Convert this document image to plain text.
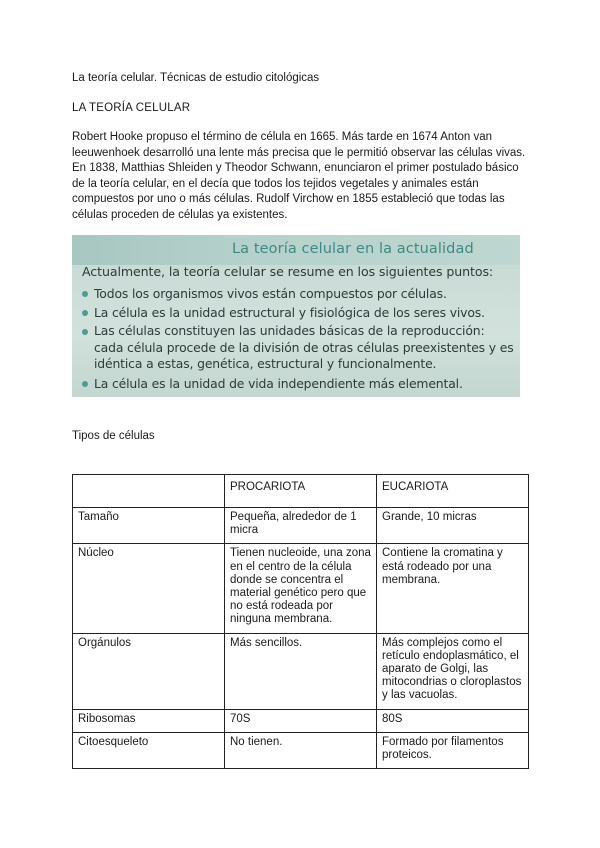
La teoría celular. Técnicas de estudio citológicas
LA TEORÍA CELULAR

Robert Hooke propuso el término de célula en 1665. Más tarde en 1674 Anton van leeuwenhoek desarrolló una lente más precisa que le permitió observar las células vivas. En 1838, Matthias Shleiden y Theodor Schwann, enunciaron el primer postulado básico de la teoría celular, en el decía que todos los tejidos vegetales y animales están compuestos por uno o más células. Rudolf Virchow en 1855 estableció que todas las células proceden de células ya existentes.

La teoría celular en la actualidad
Actualmente, la teoría celular se resume en los siguientes puntos:
Todos los organismos vivos están compuestos por células.
La célula es la unidad estructural y fisiológica de los seres vivos.
Las células constituyen las unidades básicas de la reproducción: cada célula procede de la división de otras células preexistentes y es idéntica a estas, genética, estructural y funcionalmente.
La célula es la unidad de vida independiente más elemental.
Tipos de células
	PROCARIOTA	EUCARIOTA
Tamaño	Pequeña, alrededor de 1 micra	Grande, 10 micras
Núcleo	Tienen nucleoide, una zona en el centro de la célula donde se concentra el material genético pero que no está rodeada por ninguna membrana.	Contiene la cromatina y está rodeado por una membrana.
Orgánulos	Más sencillos.	Más complejos como el retículo endoplasmático, el aparato de Golgi, las mitocondrias o cloroplastos y las vacuolas.
Ribosomas	70S	80S
Citoesqueleto	No tienen.	Formado por filamentos proteicos.
